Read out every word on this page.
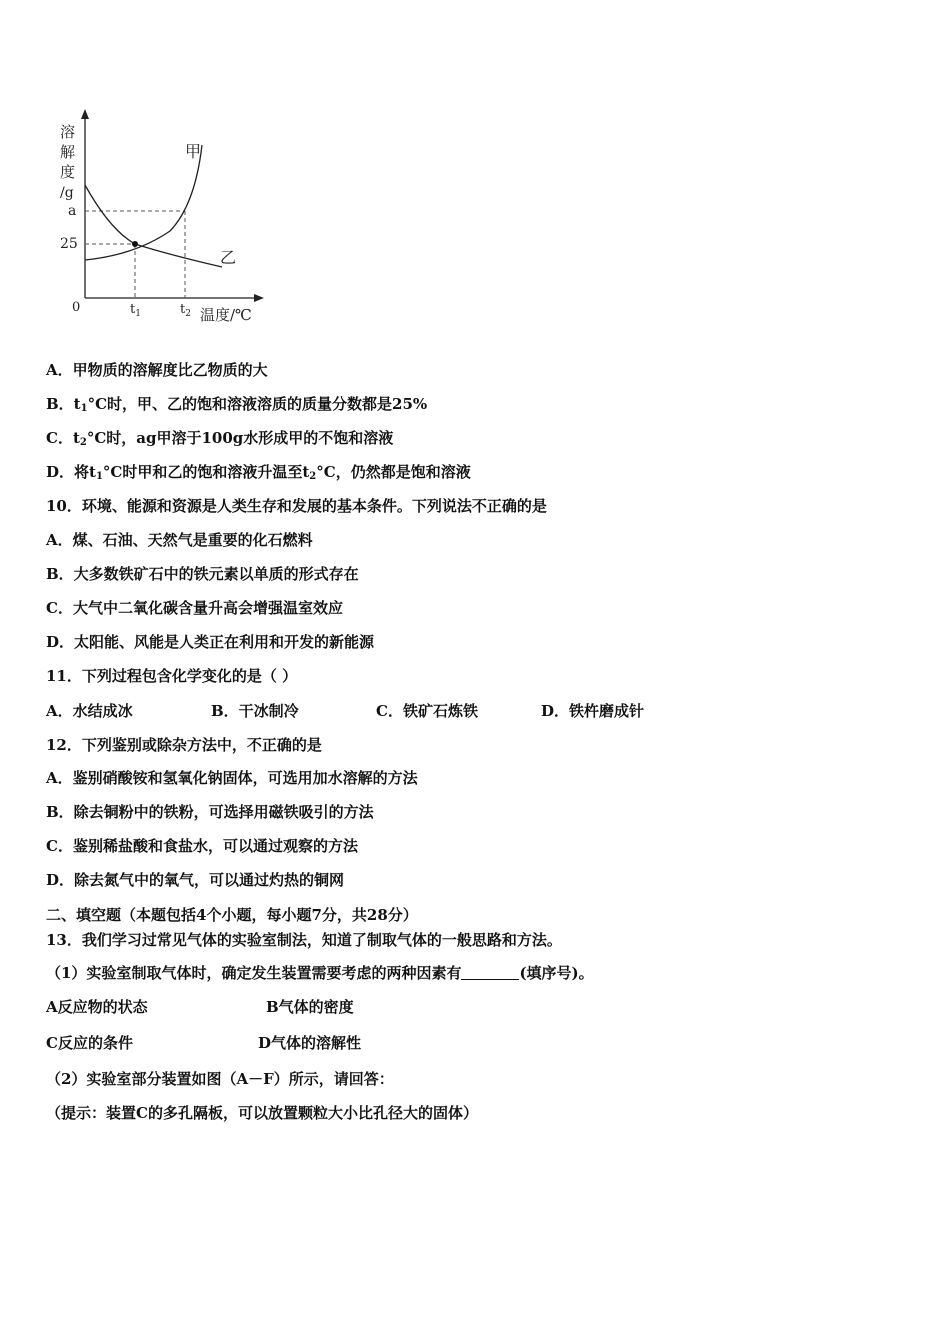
溶
解
度
/g
a
25
0	$t_1$	$t_2$ 温度/℃
甲
乙
A．甲物质的溶解度比乙物质的大
B．$t_1^\circ C$时，甲、乙的饱和溶液溶质的质量分数都是25%
C．$t_2^\circ C$时，ag甲溶于100g水形成甲的不饱和溶液
D．将$t_1^\circ C$时甲和乙的饱和溶液升温至$t_2^\circ C$，仍然都是饱和溶液
10．环境、能源和资源是人类生存和发展的基本条件。下列说法不正确的是
A．煤、石油、天然气是重要的化石燃料
B．大多数铁矿石中的铁元素以单质的形式存在
C．大气中二氧化碳含量升高会增强温室效应
D．太阳能、风能是人类正在利用和开发的新能源
11．下列过程包含化学变化的是（ ）
A．水结成冰	B．干冰制冷	C．铁矿石炼铁	D．铁杵磨成针
12．下列鉴别或除杂方法中，不正确的是
A．鉴别硝酸铵和氢氧化钠固体，可选用加水溶解的方法
B．除去铜粉中的铁粉，可选择用磁铁吸引的方法
C．鉴别稀盐酸和食盐水，可以通过观察的方法
D．除去氮气中的氧气，可以通过灼热的铜网
二、填空题（本题包括4个小题，每小题7分，共28分）
13．我们学习过常见气体的实验室制法，知道了制取气体的一般思路和方法。
（1）实验室制取气体时，确定发生装置需要考虑的两种因素有	(填序号)。
A反应物的状态	B气体的密度
C反应的条件	D气体的溶解性
（2）实验室部分装置如图（A－F）所示，请回答：
（提示：装置C的多孔隔板，可以放置颗粒大小比孔径大的固体）
